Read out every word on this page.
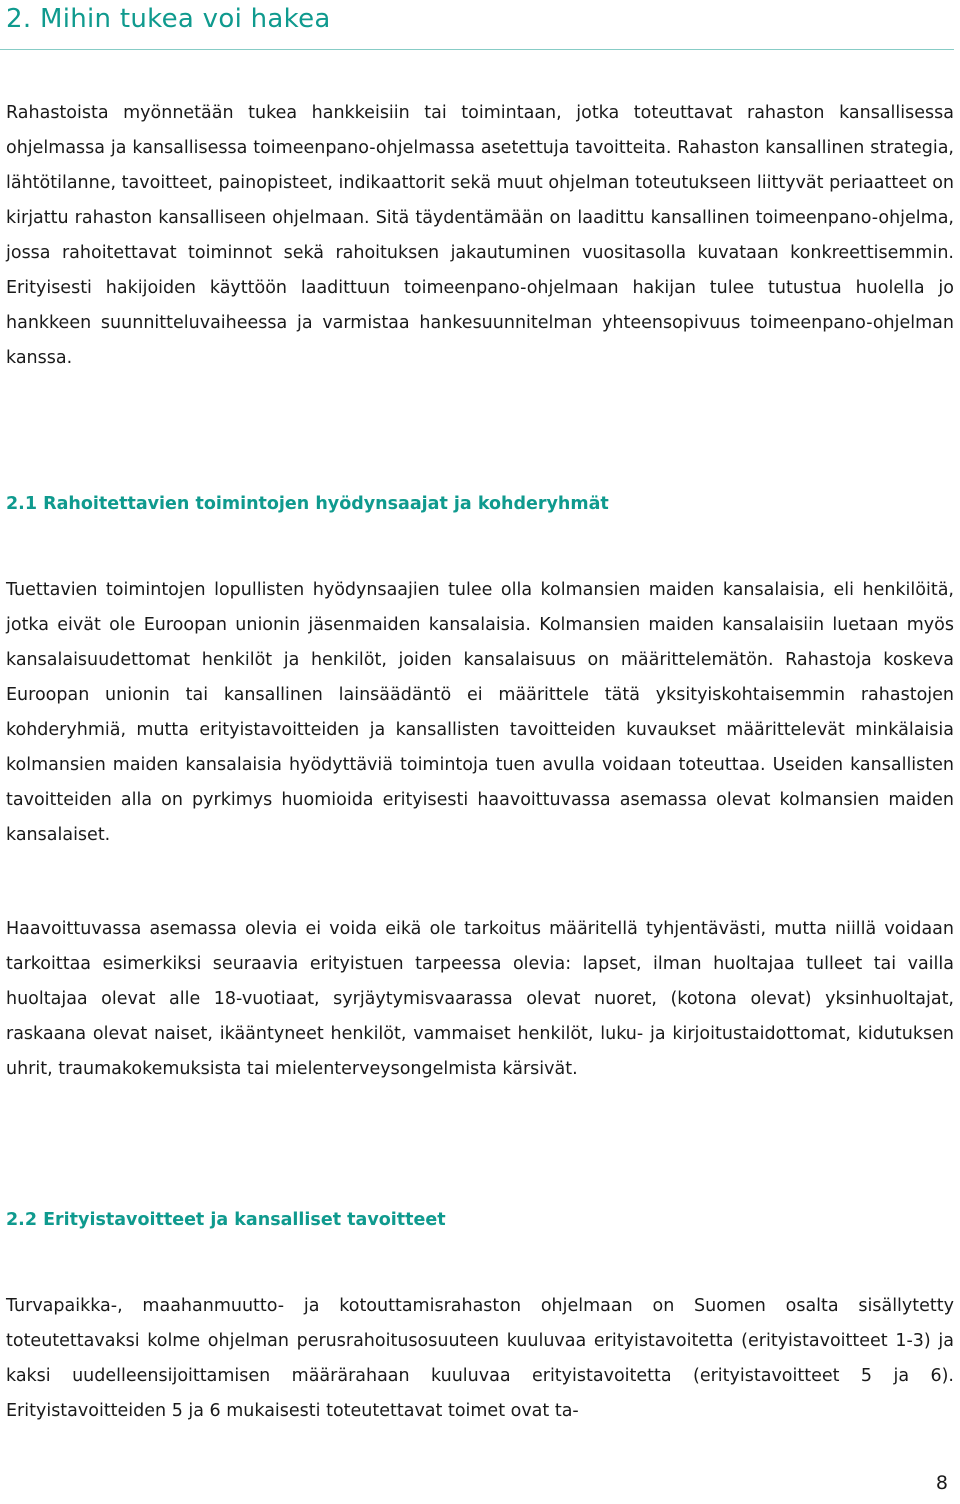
2. Mihin tukea voi hakea

Rahastoista myönnetään tukea hankkeisiin tai toimintaan, jotka toteuttavat rahaston kansallisessa ohjelmassa ja kansallisessa toimeenpano-ohjelmassa asetettuja tavoitteita. Rahaston kansallinen strategia, lähtötilanne, tavoitteet, painopisteet, indikaattorit sekä muut ohjelman toteutukseen liittyvät periaatteet on kirjattu rahaston kansalliseen ohjelmaan. Sitä täydentämään on laadittu kansallinen toimeenpano-ohjelma, jossa rahoitettavat toiminnot sekä rahoituksen jakautuminen vuositasolla kuvataan konkreettisemmin. Erityisesti hakijoiden käyttöön laadittuun toimeenpano-ohjelmaan hakijan tulee tutustua huolella jo hankkeen suunnitteluvaiheessa ja varmistaa hankesuunnitelman yhteensopivuus toimeenpano-ohjelman kanssa.

2.1 Rahoitettavien toimintojen hyödynsaajat ja kohderyhmät

Tuettavien toimintojen lopullisten hyödynsaajien tulee olla kolmansien maiden kansalaisia, eli henkilöitä, jotka eivät ole Euroopan unionin jäsenmaiden kansalaisia. Kolmansien maiden kansalaisiin luetaan myös kansalaisuudettomat henkilöt ja henkilöt, joiden kansalaisuus on määrittelemätön. Rahastoja koskeva Euroopan unionin tai kansallinen lainsäädäntö ei määrittele tätä yksityiskohtaisemmin rahastojen kohderyhmiä, mutta erityistavoitteiden ja kansallisten tavoitteiden kuvaukset määrittelevät minkälaisia kolmansien maiden kansalaisia hyödyttäviä toimintoja tuen avulla voidaan toteuttaa. Useiden kansallisten tavoitteiden alla on pyrkimys huomioida erityisesti haavoittuvassa asemassa olevat kolmansien maiden kansalaiset.

Haavoittuvassa asemassa olevia ei voida eikä ole tarkoitus määritellä tyhjentävästi, mutta niillä voidaan tarkoittaa esimerkiksi seuraavia erityistuen tarpeessa olevia: lapset, ilman huoltajaa tulleet tai vailla huoltajaa olevat alle 18-vuotiaat, syrjäytymisvaarassa olevat nuoret, (kotona olevat) yksinhuoltajat, raskaana olevat naiset, ikääntyneet henkilöt, vammaiset henkilöt, luku- ja kirjoitustaidottomat, kidutuksen uhrit, traumakokemuksista tai mielenterveysongelmista kärsivät.

2.2 Erityistavoitteet ja kansalliset tavoitteet

Turvapaikka-, maahanmuutto- ja kotouttamisrahaston ohjelmaan on Suomen osalta sisällytetty toteutettavaksi kolme ohjelman perusrahoitusosuuteen kuuluvaa erityistavoitetta (erityistavoitteet 1-3) ja kaksi uudelleensijoittamisen määrärahaan kuuluvaa erityistavoitetta (erityistavoitteet 5 ja 6). Erityistavoitteiden 5 ja 6 mukaisesti toteutettavat toimet ovat ta-

8
